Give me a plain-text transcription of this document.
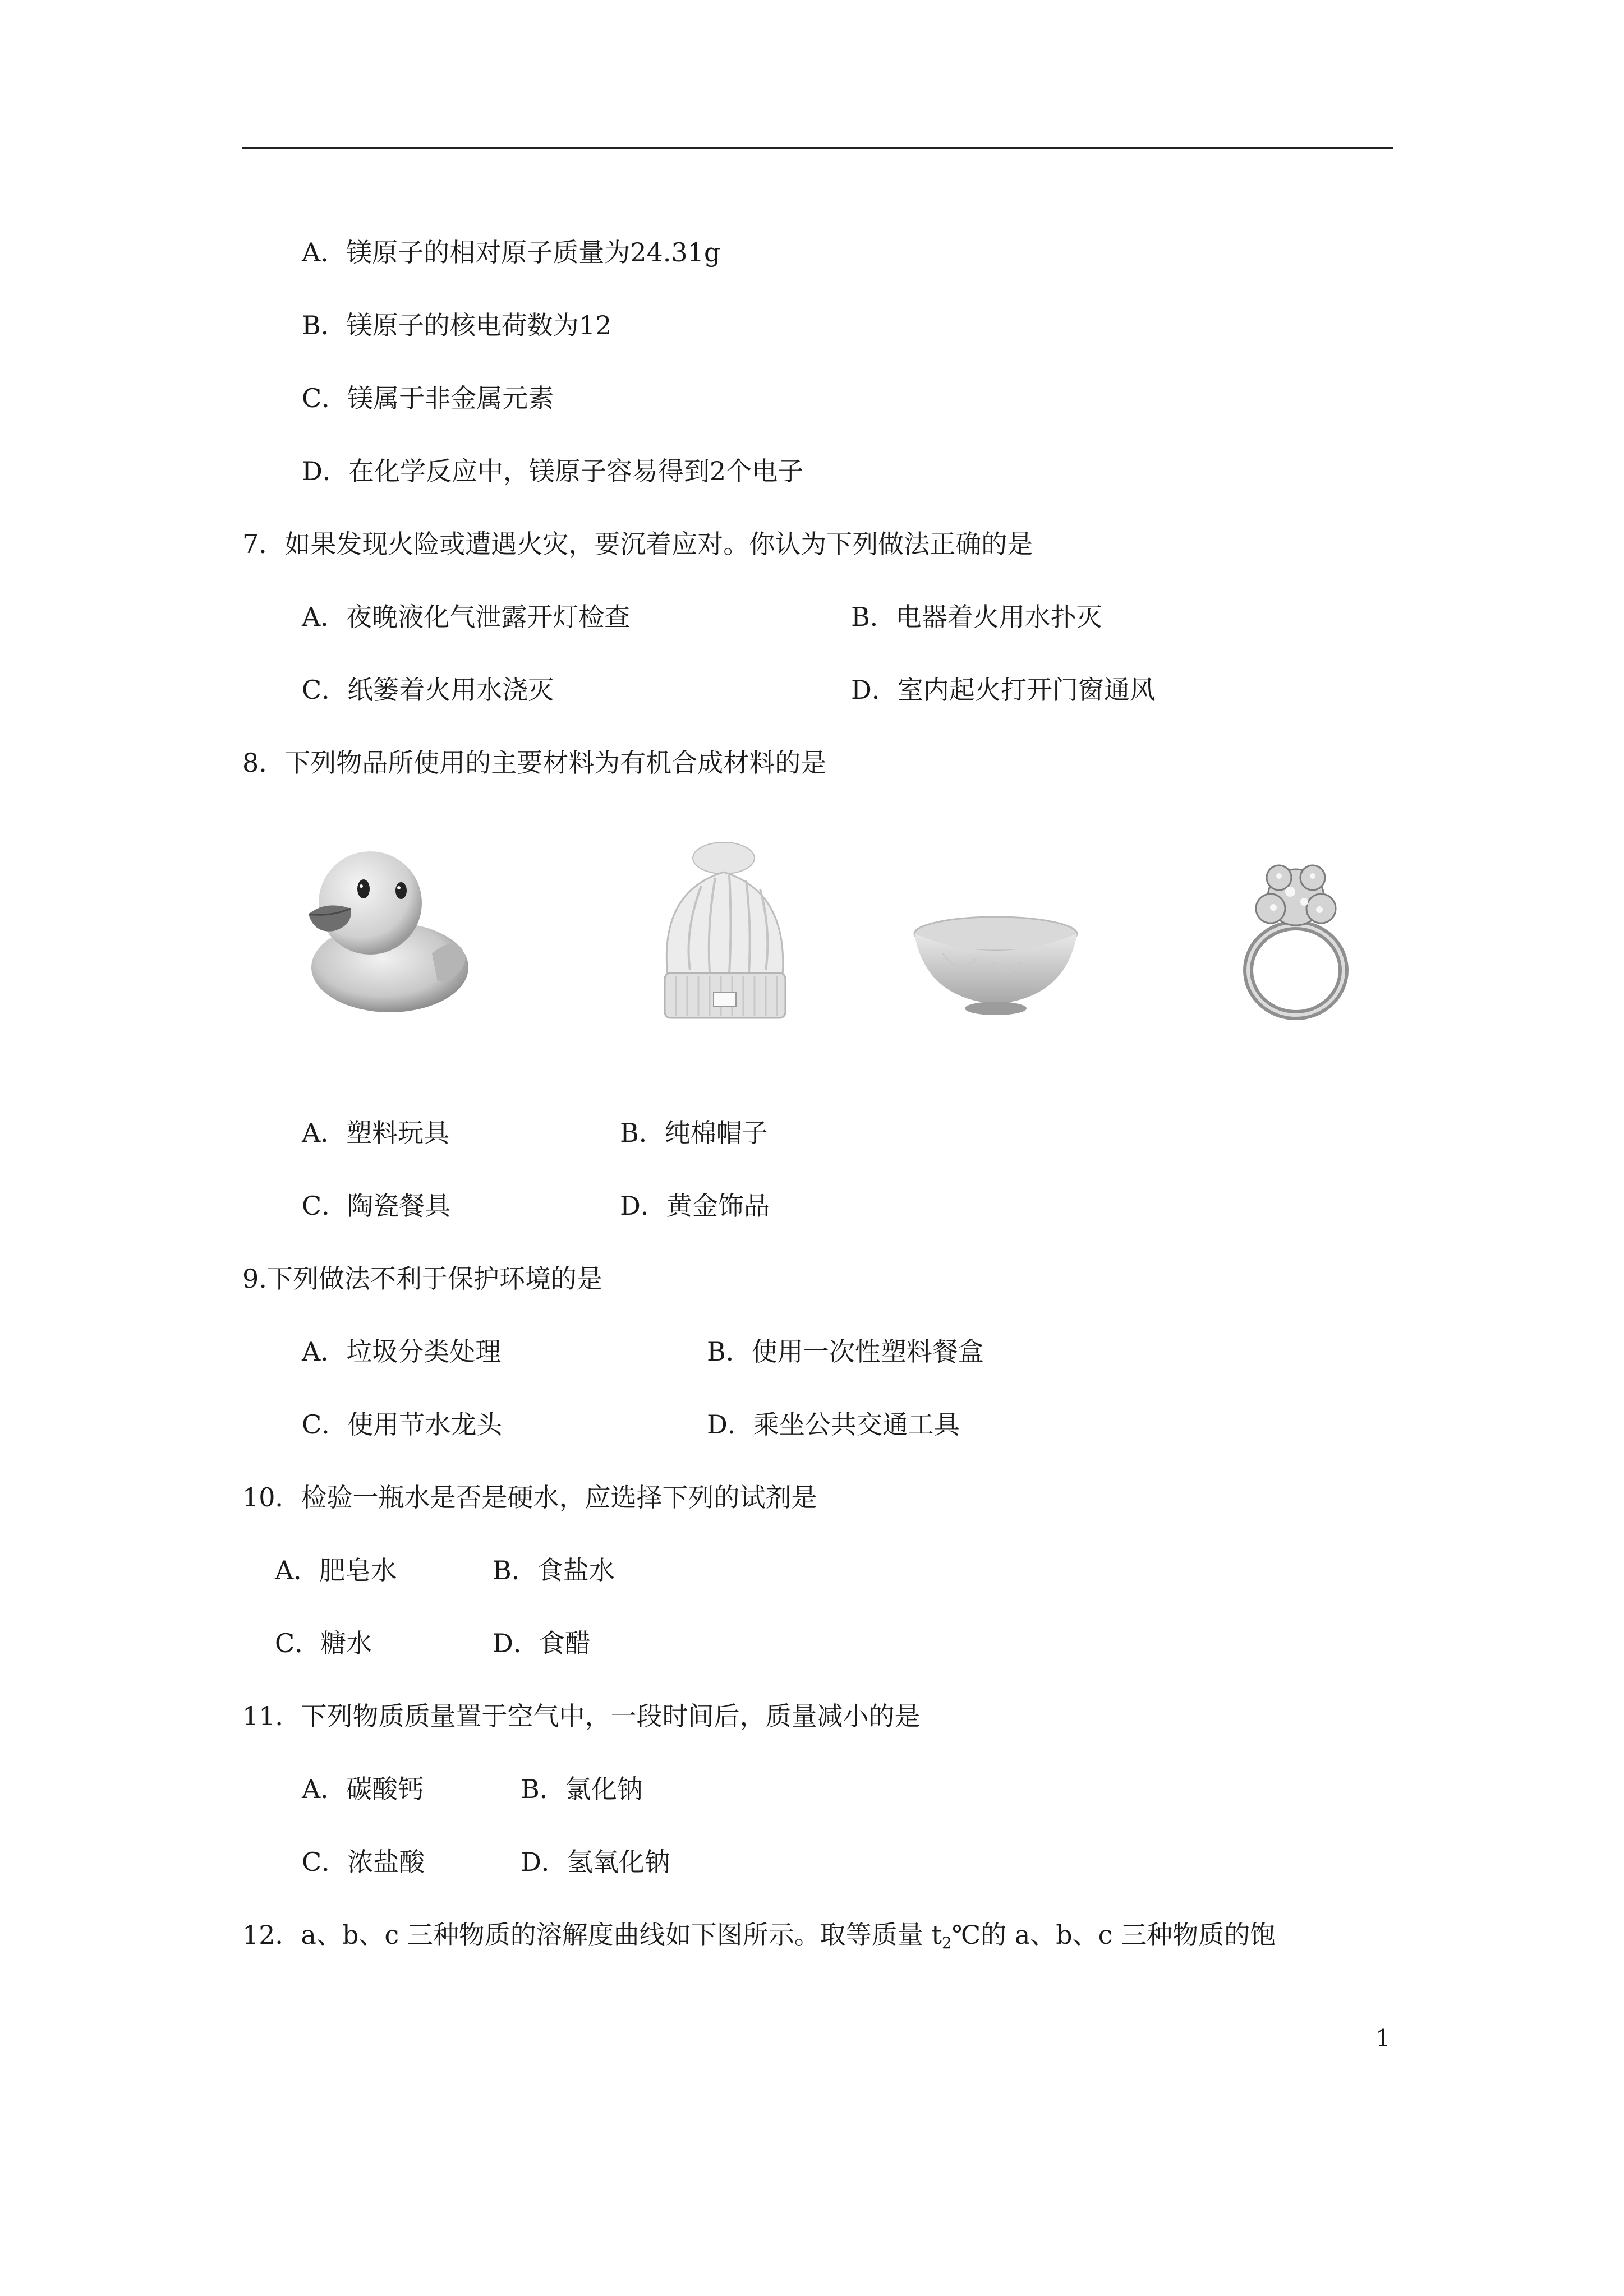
A．镁原子的相对原子质量为24.31g
B．镁原子的核电荷数为12
C．镁属于非金属元素
D．在化学反应中，镁原子容易得到2个电子
7．如果发现火险或遭遇火灾，要沉着应对。你认为下列做法正确的是
A．夜晚液化气泄露开灯检查	B．电器着火用水扑灭
C．纸篓着火用水浇灭	D．室内起火打开门窗通风
8．下列物品所使用的主要材料为有机合成材料的是
A．塑料玩具	B．纯棉帽子
C．陶瓷餐具	D．黄金饰品
9.下列做法不利于保护环境的是
A．垃圾分类处理	B．使用一次性塑料餐盒
C．使用节水龙头	D．乘坐公共交通工具
10．检验一瓶水是否是硬水，应选择下列的试剂是
A．肥皂水	B．食盐水
C．糖水	D．食醋
11．下列物质质量置于空气中，一段时间后，质量减小的是
A．碳酸钙	B．氯化钠
C．浓盐酸	D．氢氧化钠
12．a、b、c 三种物质的溶解度曲线如下图所示。取等质量 $t_2℃$的 a、b、c 三种物质的饱
1
